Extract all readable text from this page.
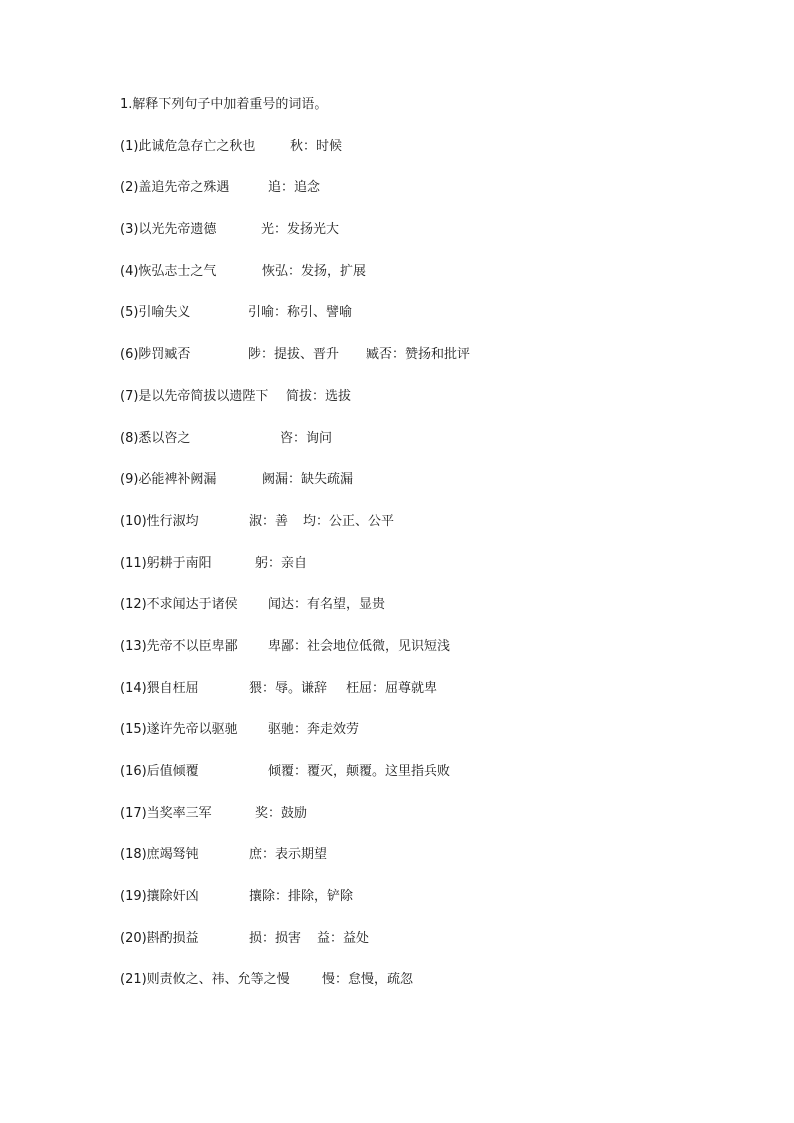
1.解释下列句子中加着重号的词语。
(1)此诚危急存亡之秋也	秋：时候
(2)盖追先帝之殊遇	追：追念
(3)以光先帝遗德	光：发扬光大
(4)恢弘志士之气	恢弘：发扬，扩展
(5)引喻失义	引喻：称引、譬喻
(6)陟罚臧否	陟：提拔、晋升 臧否：赞扬和批评
(7)是以先帝简拔以遗陛下 简拔：选拔
(8)悉以咨之	咨：询问
(9)必能裨补阙漏	阙漏：缺失疏漏
(10)性行淑均	淑：善 均：公正、公平
(11)躬耕于南阳	躬：亲自
(12)不求闻达于诸侯 闻达：有名望，显贵
(13)先帝不以臣卑鄙 卑鄙：社会地位低微，见识短浅
(14)猥自枉屈	猥：辱。谦辞 枉屈：屈尊就卑
(15)遂许先帝以驱驰 驱驰：奔走效劳
(16)后值倾覆	倾覆：覆灭，颠覆。这里指兵败
(17)当奖率三军	奖：鼓励
(18)庶竭驽钝	庶：表示期望
(19)攘除奸凶	攘除：排除，铲除
(20)斟酌损益	损：损害 益：益处
(21)则责攸之、祎、允等之慢 慢：怠慢，疏忽
